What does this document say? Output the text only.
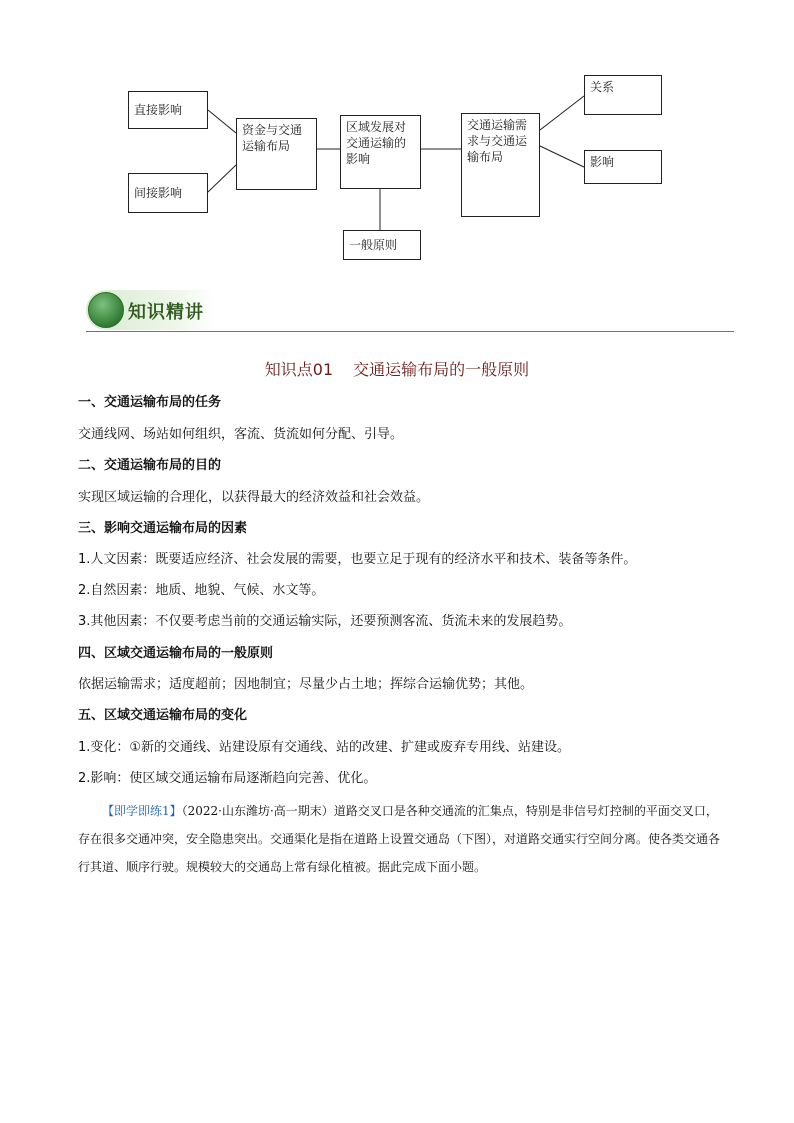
直接影响
间接影响
资金与交通运输布局
区域发展对交通运输的影响
交通运输需求与交通运输布局
关系
影响
一般原则
知识精讲
知识点01 交通运输布局的一般原则
一、交通运输布局的任务
交通线网、场站如何组织，客流、货流如何分配、引导。
二、交通运输布局的目的
实现区域运输的合理化，以获得最大的经济效益和社会效益。
三、影响交通运输布局的因素
1.人文因素：既要适应经济、社会发展的需要，也要立足于现有的经济水平和技术、装备等条件。
2.自然因素：地质、地貌、气候、水文等。
3.其他因素：不仅要考虑当前的交通运输实际，还要预测客流、货流未来的发展趋势。
四、区域交通运输布局的一般原则
依据运输需求；适度超前；因地制宜；尽量少占土地；挥综合运输优势；其他。
五、区域交通运输布局的变化
1.变化：①新的交通线、站建设原有交通线、站的改建、扩建或废弃专用线、站建设。
2.影响：使区域交通运输布局逐渐趋向完善、优化。
【即学即练1】（2022·山东潍坊·高一期末）道路交叉口是各种交通流的汇集点，特别是非信号灯控制的平面交叉口，存在很多交通冲突，安全隐患突出。交通渠化是指在道路上设置交通岛（下图），对道路交通实行空间分离。使各类交通各行其道、顺序行驶。规模较大的交通岛上常有绿化植被。据此完成下面小题。
